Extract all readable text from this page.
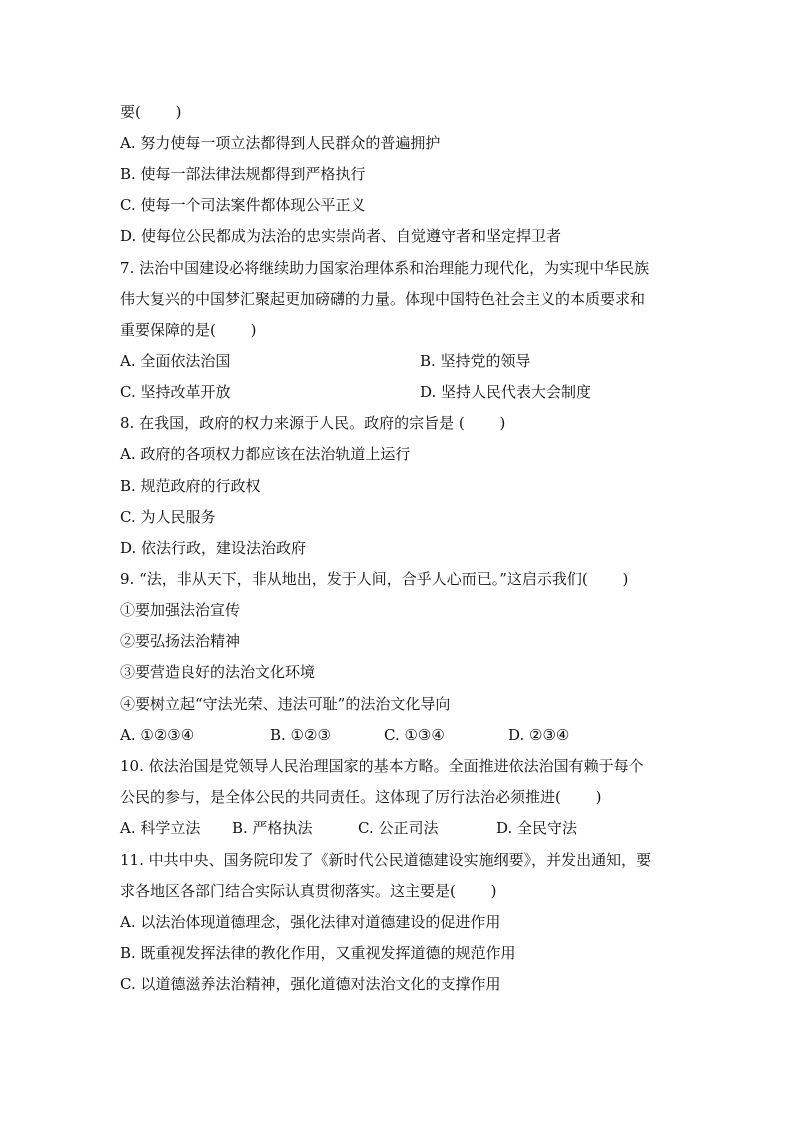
要(　　 )
A. 努力使每一项立法都得到人民群众的普遍拥护
B. 使每一部法律法规都得到严格执行
C. 使每一个司法案件都体现公平正义
D. 使每位公民都成为法治的忠实崇尚者、自觉遵守者和坚定捍卫者
7. 法治中国建设必将继续助力国家治理体系和治理能力现代化，为实现中华民族
伟大复兴的中国梦汇聚起更加磅礴的力量。体现中国特色社会主义的本质要求和
重要保障的是(　　 )
A. 全面依法治国	B. 坚持党的领导
C. 坚持改革开放	D. 坚持人民代表大会制度
8. 在我国，政府的权力来源于人民。政府的宗旨是 (　　 )
A. 政府的各项权力都应该在法治轨道上运行
B. 规范政府的行政权
C. 为人民服务
D. 依法行政，建设法治政府
9. “法，非从天下，非从地出，发于人间，合乎人心而已。”这启示我们(　　 )
①要加强法治宣传
②要弘扬法治精神
③要营造良好的法治文化环境
④要树立起“守法光荣、违法可耻”的法治文化导向
A. ①②③④	B. ①②③	C. ①③④	D. ②③④
10. 依法治国是党领导人民治理国家的基本方略。全面推进依法治国有赖于每个
公民的参与，是全体公民的共同责任。这体现了厉行法治必须推进(　　 )
A. 科学立法 B. 严格执法	C. 公正司法	D. 全民守法
11. 中共中央、国务院印发了《新时代公民道德建设实施纲要》，并发出通知，要
求各地区各部门结合实际认真贯彻落实。这主要是(　　 )
A. 以法治体现道德理念，强化法律对道德建设的促进作用
B. 既重视发挥法律的教化作用，又重视发挥道德的规范作用
C. 以道德滋养法治精神，强化道德对法治文化的支撑作用
